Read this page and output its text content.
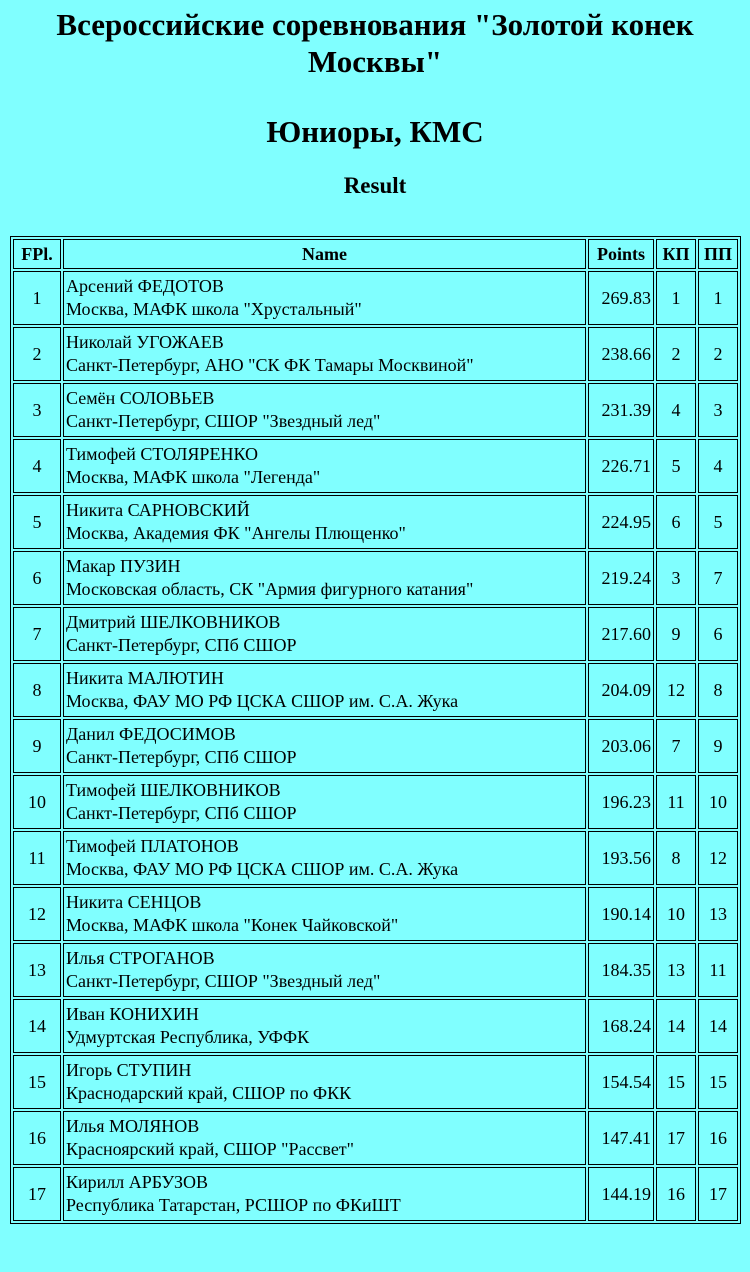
Всероссийские соревнования "Золотой конек Москвы"
Юниоры, КМС
Result
FPl.	Name	Points	КП	ПП
1	Арсений ФЕДОТОВ
Москва, МАФК школа "Хрустальный"	269.83	1	1
2	Николай УГОЖАЕВ
Санкт-Петербург, АНО "СК ФК Тамары Москвиной"	238.66	2	2
3	Семён СОЛОВЬЕВ
Санкт-Петербург, СШОР "Звездный лед"	231.39	4	3
4	Тимофей СТОЛЯРЕНКО
Москва, МАФК школа "Легенда"	226.71	5	4
5	Никита САРНОВСКИЙ
Москва, Академия ФК "Ангелы Плющенко"	224.95	6	5
6	Макар ПУЗИН
Московская область, СК "Армия фигурного катания"	219.24	3	7
7	Дмитрий ШЕЛКОВНИКОВ
Санкт-Петербург, СПб СШОР	217.60	9	6
8	Никита МАЛЮТИН
Москва, ФАУ МО РФ ЦСКА СШОР им. С.А. Жука	204.09	12	8
9	Данил ФЕДОСИМОВ
Санкт-Петербург, СПб СШОР	203.06	7	9
10	Тимофей ШЕЛКОВНИКОВ
Санкт-Петербург, СПб СШОР	196.23	11	10
11	Тимофей ПЛАТОНОВ
Москва, ФАУ МО РФ ЦСКА СШОР им. С.А. Жука	193.56	8	12
12	Никита СЕНЦОВ
Москва, МАФК школа "Конек Чайковской"	190.14	10	13
13	Илья СТРОГАНОВ
Санкт-Петербург, СШОР "Звездный лед"	184.35	13	11
14	Иван КОНИХИН
Удмуртская Республика, УФФК	168.24	14	14
15	Игорь СТУПИН
Краснодарский край, СШОР по ФКК	154.54	15	15
16	Илья МОЛЯНОВ
Красноярский край, СШОР "Рассвет"	147.41	17	16
17	Кирилл АРБУЗОВ
Республика Татарстан, РСШОР по ФКиШТ	144.19	16	17
